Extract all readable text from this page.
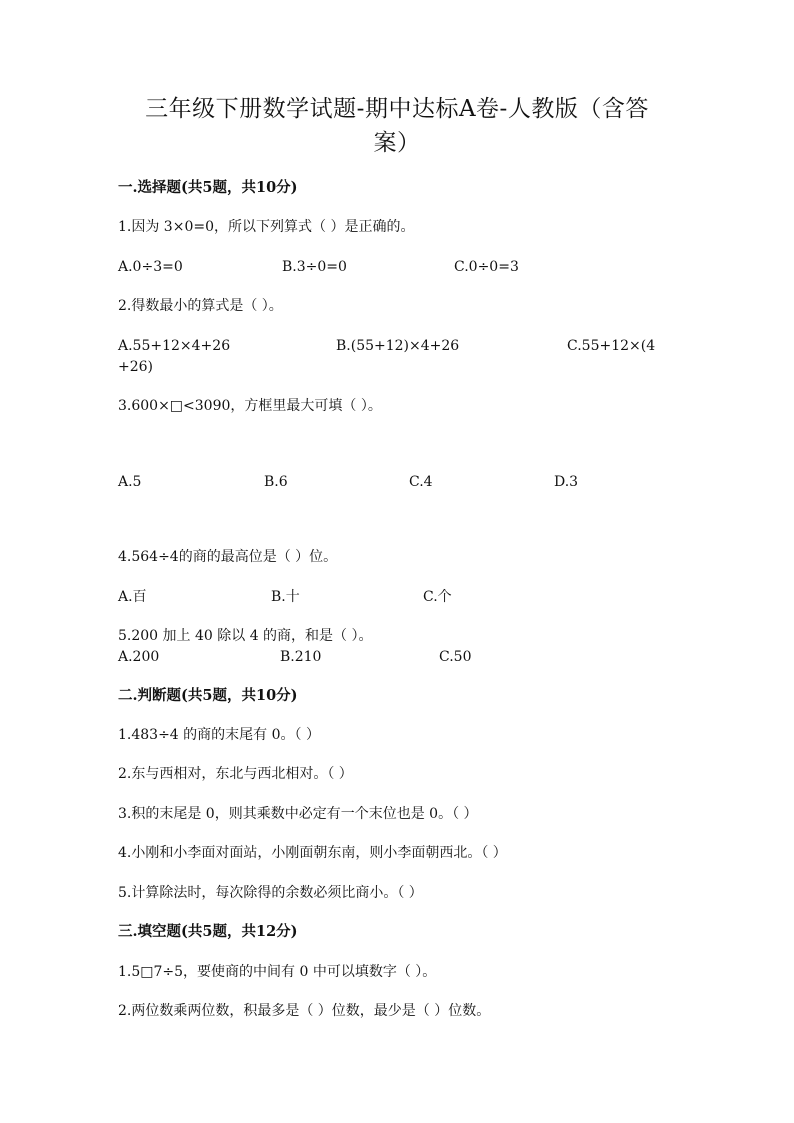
三年级下册数学试题-期中达标A卷-人教版（含答
案）
一.选择题(共5题，共10分)
1.因为 3×0=0，所以下列算式（ ）是正确的。
A.0÷3=0	B.3÷0=0	C.0÷0=3
2.得数最小的算式是（ ）。
A.55+12×4+26	B.(55+12)×4+26	C.55+12×(4
+26)
3.600×□<3090，方框里最大可填（ ）。
A.5	B.6	C.4	D.3
4.564÷4的商的最高位是（ ）位。
A.百	B.十	C.个
5.200 加上 40 除以 4 的商，和是（ ）。
A.200	B.210	C.50
二.判断题(共5题，共10分)
1.483÷4 的商的末尾有 0。（ ）
2.东与西相对，东北与西北相对。（ ）
3.积的末尾是 0，则其乘数中必定有一个末位也是 0。（ ）
4.小刚和小李面对面站，小刚面朝东南，则小李面朝西北。（ ）
5.计算除法时，每次除得的余数必须比商小。（ ）
三.填空题(共5题，共12分)
1.5□7÷5，要使商的中间有 0 中可以填数字（ ）。
2.两位数乘两位数，积最多是（ ）位数，最少是（ ）位数。
